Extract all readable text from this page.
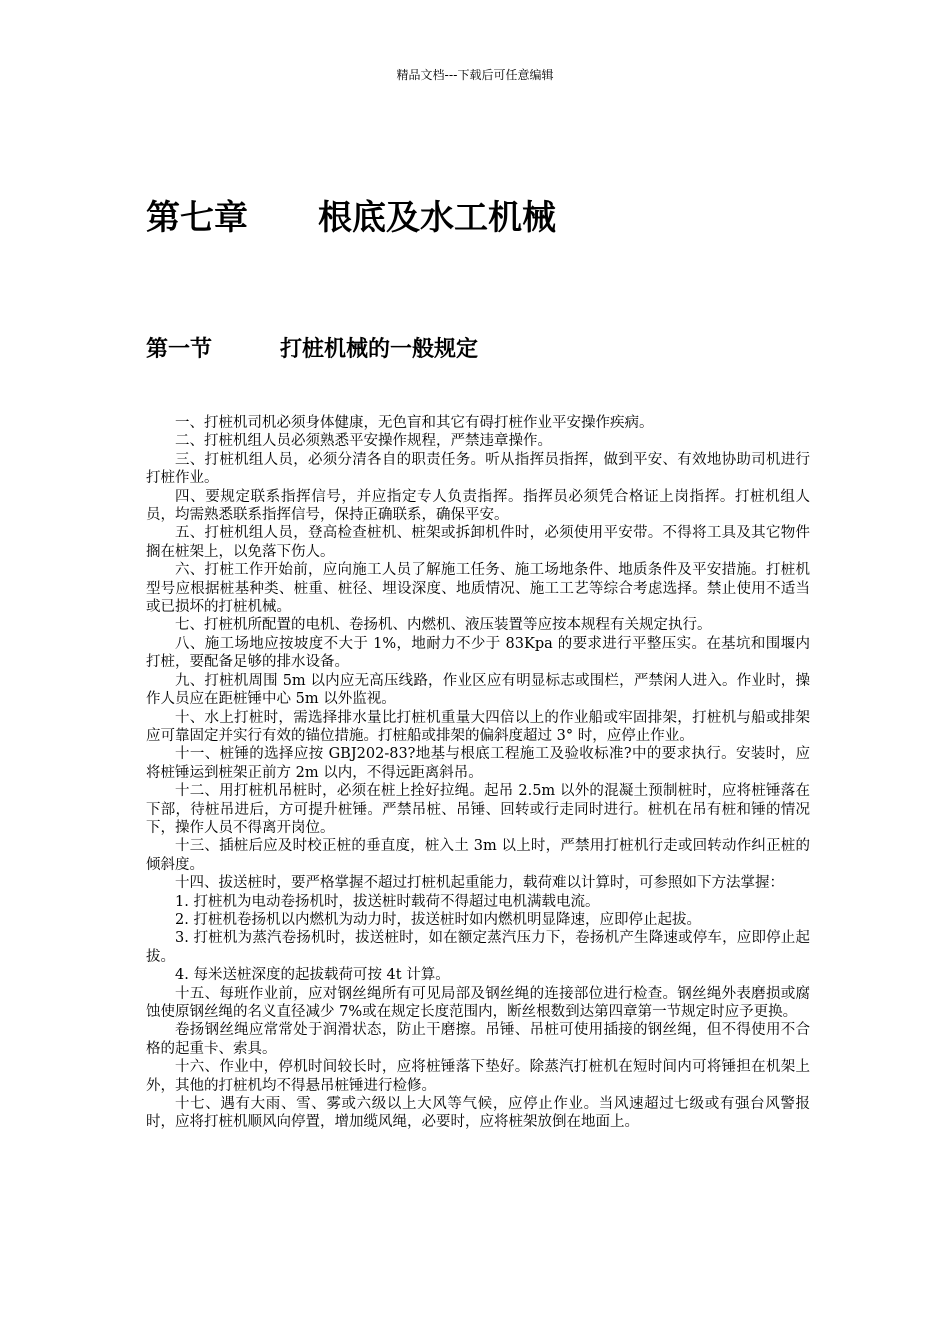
精品文档---下载后可任意编辑
第七章 根底及水工机械
第一节	打桩机械的一般规定

一、打桩机司机必须身体健康，无色盲和其它有碍打桩作业平安操作疾病。

二、打桩机组人员必须熟悉平安操作规程，严禁违章操作。

三、打桩机组人员，必须分清各自的职责任务。听从指挥员指挥，做到平安、有效地协助司机进行打桩作业。

四、要规定联系指挥信号，并应指定专人负责指挥。指挥员必须凭合格证上岗指挥。打桩机组人员，均需熟悉联系指挥信号，保持正确联系，确保平安。

五、打桩机组人员，登高检查桩机、桩架或拆卸机件时，必须使用平安带。不得将工具及其它物件搁在桩架上，以免落下伤人。

六、打桩工作开始前，应向施工人员了解施工任务、施工场地条件、地质条件及平安措施。打桩机型号应根据桩基种类、桩重、桩径、埋设深度、地质情况、施工工艺等综合考虑选择。禁止使用不适当或已损坏的打桩机械。

七、打桩机所配置的电机、卷扬机、内燃机、液压装置等应按本规程有关规定执行。

八、施工场地应按坡度不大于 1%，地耐力不少于 83Kpa 的要求进行平整压实。在基坑和围堰内打桩，要配备足够的排水设备。

九、打桩机周围 5m 以内应无高压线路，作业区应有明显标志或围栏，严禁闲人进入。作业时，操作人员应在距桩锤中心 5m 以外监视。

十、水上打桩时，需选择排水量比打桩机重量大四倍以上的作业船或牢固排架，打桩机与船或排架应可靠固定并实行有效的锚位措施。打桩船或排架的偏斜度超过 3° 时，应停止作业。

十一、桩锤的选择应按 GBJ202-83?地基与根底工程施工及验收标准?中的要求执行。安装时，应将桩锤运到桩架正前方 2m 以内，不得远距离斜吊。

十二、用打桩机吊桩时，必须在桩上拴好拉绳。起吊 2.5m 以外的混凝土预制桩时，应将桩锤落在下部，待桩吊进后，方可提升桩锤。严禁吊桩、吊锤、回转或行走同时进行。桩机在吊有桩和锤的情况下，操作人员不得离开岗位。

十三、插桩后应及时校正桩的垂直度，桩入土 3m 以上时，严禁用打桩机行走或回转动作纠正桩的倾斜度。

十四、拔送桩时，要严格掌握不超过打桩机起重能力，载荷难以计算时，可参照如下方法掌握：

1. 打桩机为电动卷扬机时，拔送桩时载荷不得超过电机满载电流。

2. 打桩机卷扬机以内燃机为动力时，拔送桩时如内燃机明显降速，应即停止起拔。

3. 打桩机为蒸汽卷扬机时，拔送桩时，如在额定蒸汽压力下，卷扬机产生降速或停车，应即停止起拔。

4. 每米送桩深度的起拔载荷可按 4t 计算。

十五、每班作业前，应对钢丝绳所有可见局部及钢丝绳的连接部位进行检查。钢丝绳外表磨损或腐蚀使原钢丝绳的名义直径减少 7%或在规定长度范围内，断丝根数到达第四章第一节规定时应予更换。

卷扬钢丝绳应常常处于润滑状态，防止干磨擦。吊锤、吊桩可使用插接的钢丝绳，但不得使用不合格的起重卡、索具。

十六、作业中，停机时间较长时，应将桩锤落下垫好。除蒸汽打桩机在短时间内可将锤担在机架上外，其他的打桩机均不得悬吊桩锤进行检修。

十七、遇有大雨、雪、雾或六级以上大风等气候，应停止作业。当风速超过七级或有强台风警报时，应将打桩机顺风向停置，增加缆风绳，必要时，应将桩架放倒在地面上。
